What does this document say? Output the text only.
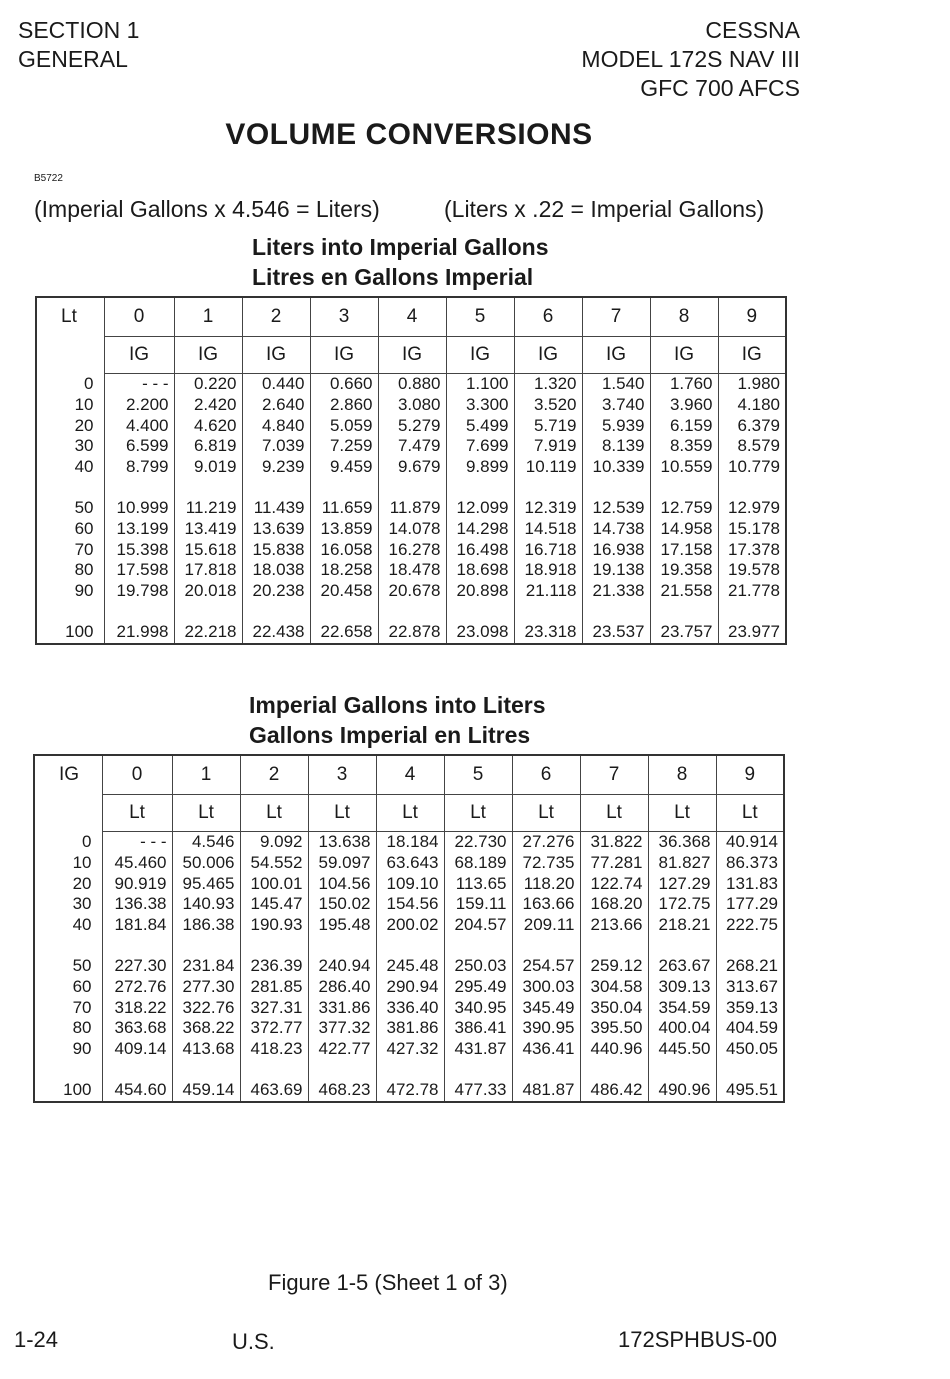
SECTION 1
GENERAL
CESSNA
MODEL 172S NAV III
GFC 700 AFCS
VOLUME CONVERSIONS
B5722
(Imperial Gallons x 4.546 = Liters)	(Liters x .22 = Imperial Gallons)
Liters into Imperial Gallons
Litres en Gallons Imperial
Lt	0	1	2	3	4	5	6	7	8	9
	IG	IG	IG	IG	IG	IG	IG	IG	IG	IG
0	- - -	0.220	0.440	0.660	0.880	1.100	1.320	1.540	1.760	1.980
10	2.200	2.420	2.640	2.860	3.080	3.300	3.520	3.740	3.960	4.180
20	4.400	4.620	4.840	5.059	5.279	5.499	5.719	5.939	6.159	6.379
30	6.599	6.819	7.039	7.259	7.479	7.699	7.919	8.139	8.359	8.579
40	8.799	9.019	9.239	9.459	9.679	9.899	10.119	10.339	10.559	10.779

50	10.999	11.219	11.439	11.659	11.879	12.099	12.319	12.539	12.759	12.979
60	13.199	13.419	13.639	13.859	14.078	14.298	14.518	14.738	14.958	15.178
70	15.398	15.618	15.838	16.058	16.278	16.498	16.718	16.938	17.158	17.378
80	17.598	17.818	18.038	18.258	18.478	18.698	18.918	19.138	19.358	19.578
90	19.798	20.018	20.238	20.458	20.678	20.898	21.118	21.338	21.558	21.778

100	21.998	22.218	22.438	22.658	22.878	23.098	23.318	23.537	23.757	23.977
Imperial Gallons into Liters
Gallons Imperial en Litres
IG	0	1	2	3	4	5	6	7	8	9
	Lt	Lt	Lt	Lt	Lt	Lt	Lt	Lt	Lt	Lt
0	- - -	4.546	9.092	13.638	18.184	22.730	27.276	31.822	36.368	40.914
10	45.460	50.006	54.552	59.097	63.643	68.189	72.735	77.281	81.827	86.373
20	90.919	95.465	100.01	104.56	109.10	113.65	118.20	122.74	127.29	131.83
30	136.38	140.93	145.47	150.02	154.56	159.11	163.66	168.20	172.75	177.29
40	181.84	186.38	190.93	195.48	200.02	204.57	209.11	213.66	218.21	222.75

50	227.30	231.84	236.39	240.94	245.48	250.03	254.57	259.12	263.67	268.21
60	272.76	277.30	281.85	286.40	290.94	295.49	300.03	304.58	309.13	313.67
70	318.22	322.76	327.31	331.86	336.40	340.95	345.49	350.04	354.59	359.13
80	363.68	368.22	372.77	377.32	381.86	386.41	390.95	395.50	400.04	404.59
90	409.14	413.68	418.23	422.77	427.32	431.87	436.41	440.96	445.50	450.05

100	454.60	459.14	463.69	468.23	472.78	477.33	481.87	486.42	490.96	495.51
Figure 1-5 (Sheet 1 of 3)
1-24	U.S.	172SPHBUS-00
